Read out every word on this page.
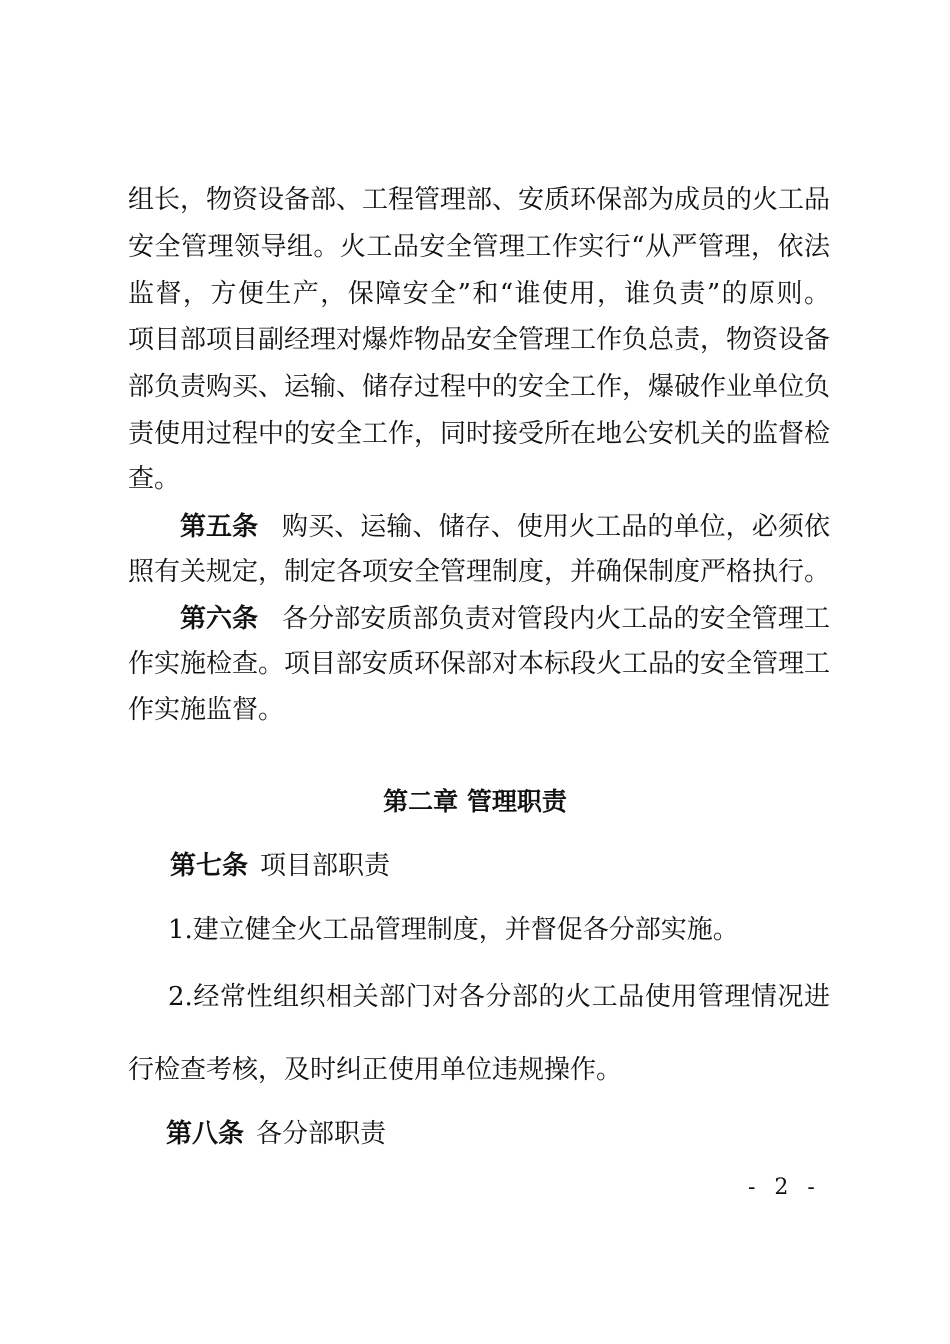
组长，物资设备部、工程管理部、安质环保部为成员的火工品
安全管理领导组。火工品安全管理工作实行“从严管理，依法
监督，方便生产，保障安全”和“谁使用，谁负责”的原则。
项目部项目副经理对爆炸物品安全管理工作负总责，物资设备
部负责购买、运输、储存过程中的安全工作，爆破作业单位负
责使用过程中的安全工作，同时接受所在地公安机关的监督检
查。
第五条 购买、运输、储存、使用火工品的单位，必须依
照有关规定，制定各项安全管理制度，并确保制度严格执行。
第六条 各分部安质部负责对管段内火工品的安全管理工
作实施检查。项目部安质环保部对本标段火工品的安全管理工
作实施监督。
第二章 管理职责
第七条 项目部职责
1.建立健全火工品管理制度，并督促各分部实施。
2.经常性组织相关部门对各分部的火工品使用管理情况进
行检查考核，及时纠正使用单位违规操作。
第八条 各分部职责
- 2 -
